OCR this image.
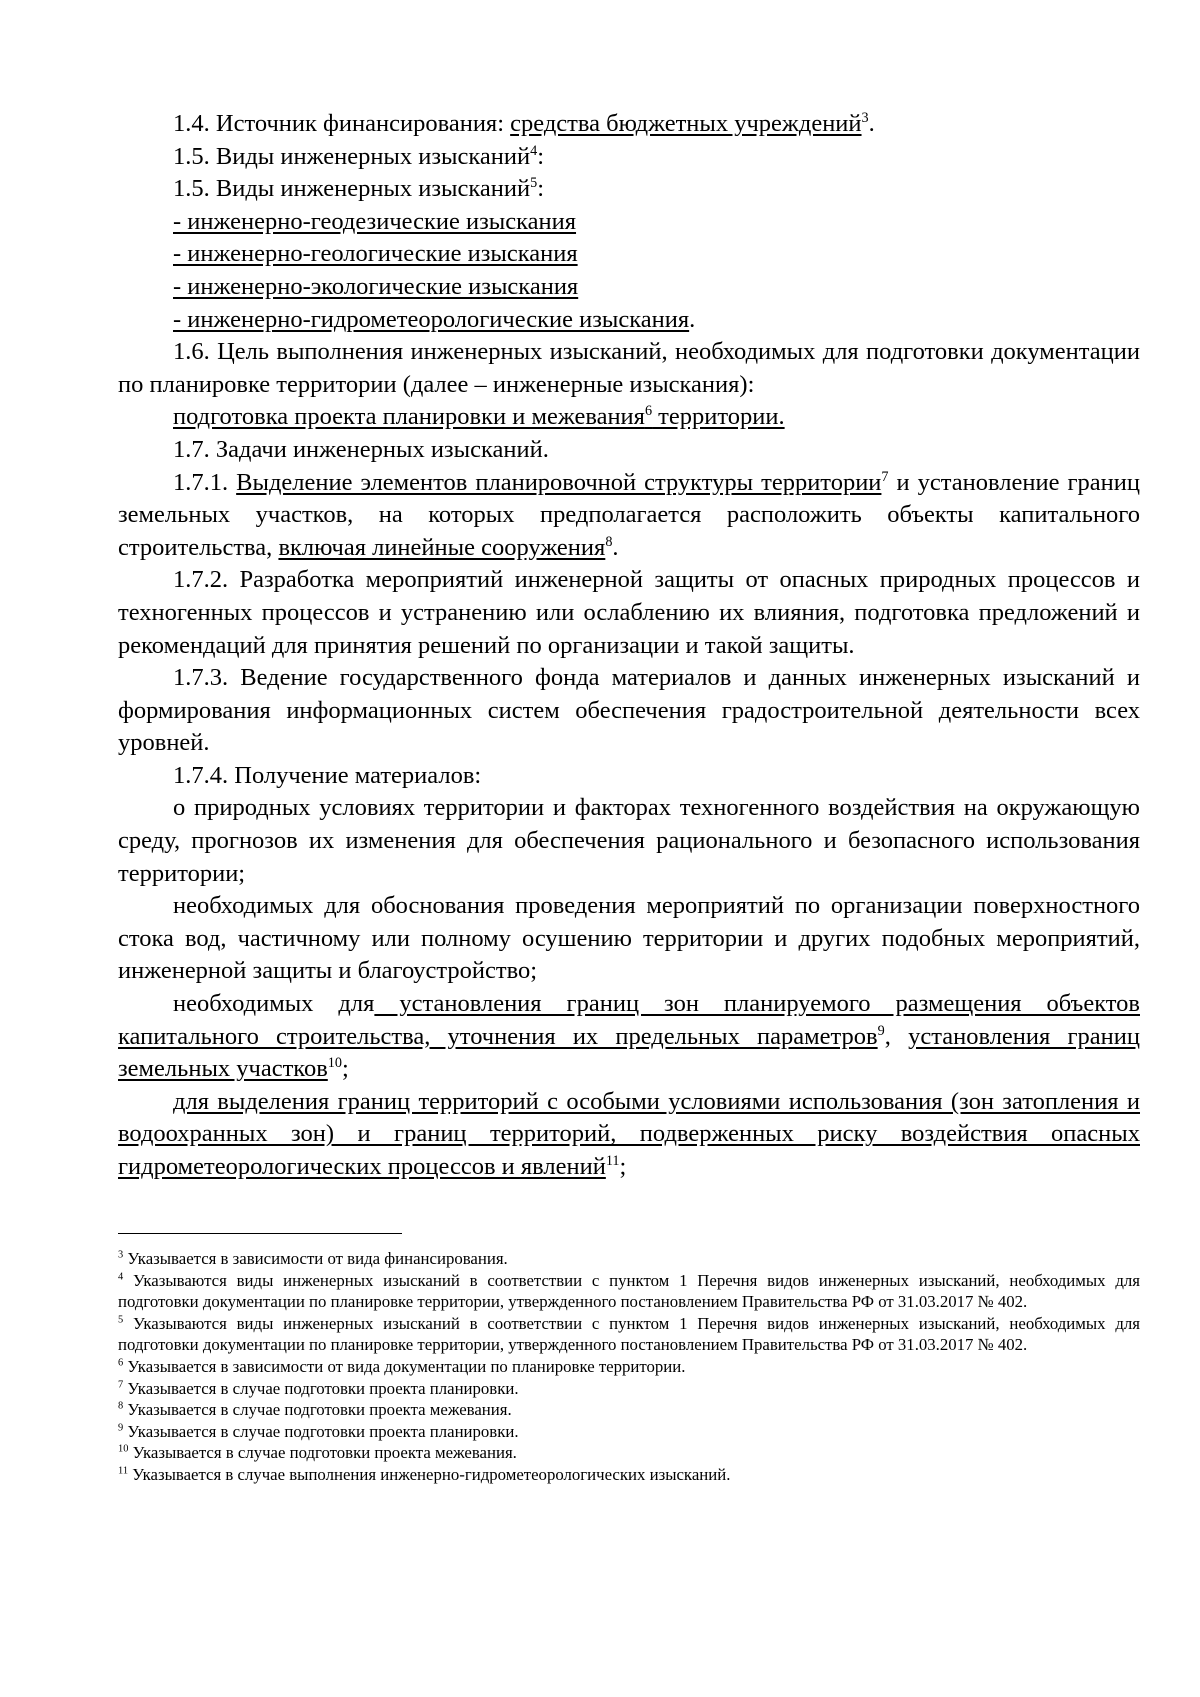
1.4. Источник финансирования: средства бюджетных учреждений$^3$.

1.5. Виды инженерных изысканий$^4$:

1.5. Виды инженерных изысканий$^5$:

- инженерно-геодезические изыскания

- инженерно-геологические изыскания

- инженерно-экологические изыскания

- инженерно-гидрометеорологические изыскания.

1.6. Цель выполнения инженерных изысканий, необходимых для подготовки документации по планировке территории (далее – инженерные изыскания):

подготовка проекта планировки и межевания$^6$ территории.

1.7. Задачи инженерных изысканий.

1.7.1. Выделение элементов планировочной структуры территории$^7$ и установление границ земельных участков, на которых предполагается расположить объекты капитального строительства, включая линейные сооружения$^8$.

1.7.2. Разработка мероприятий инженерной защиты от опасных природных процессов и техногенных процессов и устранению или ослаблению их влияния, подготовка предложений и рекомендаций для принятия решений по организации и такой защиты.

1.7.3. Ведение государственного фонда материалов и данных инженерных изысканий и формирования информационных систем обеспечения градостроительной деятельности всех уровней.

1.7.4. Получение материалов:

о природных условиях территории и факторах техногенного воздействия на окружающую среду, прогнозов их изменения для обеспечения рационального и безопасного использования территории;

необходимых для обоснования проведения мероприятий по организации поверхностного стока вод, частичному или полному осушению территории и других подобных мероприятий, инженерной защиты и благоустройство;

необходимых для установления границ зон планируемого размещения объектов капитального строительства, уточнения их предельных параметров$^9$, установления границ земельных участков$^{10}$;

для выделения границ территорий с особыми условиями использования (зон затопления и водоохранных зон) и границ территорий, подверженных риску воздействия опасных гидрометеорологических процессов и явлений$^{11}$;

$^3$ Указывается в зависимости от вида финансирования.

$^4$ Указываются виды инженерных изысканий в соответствии с пунктом 1 Перечня видов инженерных изысканий, необходимых для подготовки документации по планировке территории, утвержденного постановлением Правительства РФ от 31.03.2017 № 402.

$^5$ Указываются виды инженерных изысканий в соответствии с пунктом 1 Перечня видов инженерных изысканий, необходимых для подготовки документации по планировке территории, утвержденного постановлением Правительства РФ от 31.03.2017 № 402.

$^6$ Указывается в зависимости от вида документации по планировке территории.

$^7$ Указывается в случае подготовки проекта планировки.

$^8$ Указывается в случае подготовки проекта межевания.

$^9$ Указывается в случае подготовки проекта планировки.

$^{10}$ Указывается в случае подготовки проекта межевания.

$^{11}$ Указывается в случае выполнения инженерно-гидрометеорологических изысканий.
